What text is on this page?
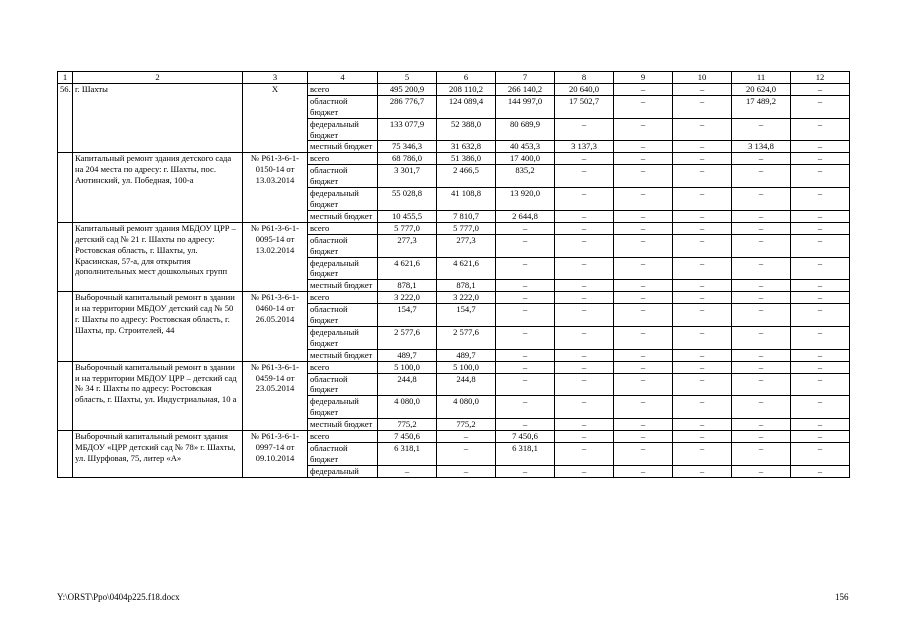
1	2	3	4	5	6	7	8	9	10	11	12
56.	г. Шахты	Х	всего	495 200,9	208 110,2	266 140,2	20 640,0	–	–	20 624,0	–
			областной бюджет	286 776,7	124 089,4	144 997,0	17 502,7	–	–	17 489,2	–
			федеральный бюджет	133 077,9	52 388,0	80 689,9	–	–	–	–	–
			местный бюджет	75 346,3	31 632,8	40 453,3	3 137,3	–	–	3 134,8	–
	Капитальный ремонт здания детского сада на 204 места по адресу: г. Шахты, пос. Аютинский, ул. Победная, 100-а	№ Р61-3-6-1-0150-14 от 13.03.2014	всего	68 786,0	51 386,0	17 400,0	–	–	–	–	–
			областной бюджет	3 301,7	2 466,5	835,2	–	–	–	–	–
			федеральный бюджет	55 028,8	41 108,8	13 920,0	–	–	–	–	–
			местный бюджет	10 455,5	7 810,7	2 644,8	–	–	–	–	–
	Капитальный ремонт здания МБДОУ ЦРР – детский сад № 21 г. Шахты по адресу: Ростовская область, г. Шахты, ул. Красинская, 57-а, для открытия дополнительных мест дошкольных групп	№ Р61-3-6-1-0095-14 от 13.02.2014	всего	5 777,0	5 777,0	–	–	–	–	–	–
			областной бюджет	277,3	277,3	–	–	–	–	–	–
			федеральный бюджет	4 621,6	4 621,6	–	–	–	–	–	–
			местный бюджет	878,1	878,1	–	–	–	–	–	–
	Выборочный капитальный ремонт в здании и на территории МБДОУ детский сад № 50 г. Шахты по адресу: Ростовская область, г. Шахты, пр. Строителей, 44	№ Р61-3-6-1-0460-14 от 26.05.2014	всего	3 222,0	3 222,0	–	–	–	–	–	–
			областной бюджет	154,7	154,7	–	–	–	–	–	–
			федеральный бюджет	2 577,6	2 577,6	–	–	–	–	–	–
			местный бюджет	489,7	489,7	–	–	–	–	–	–
	Выборочный капитальный ремонт в здании и на территории МБДОУ ЦРР – детский сад № 34 г. Шахты по адресу: Ростовская область, г. Шахты, ул. Индустриальная, 10 а	№ Р61-3-6-1-0459-14 от 23.05.2014	всего	5 100,0	5 100,0	–	–	–	–	–	–
			областной бюджет	244,8	244,8	–	–	–	–	–	–
			федеральный бюджет	4 080,0	4 080,0	–	–	–	–	–	–
			местный бюджет	775,2	775,2	–	–	–	–	–	–
	Выборочный капитальный ремонт здания МБДОУ «ЦРР детский сад № 78» г. Шахты, ул. Шурфовая, 75, литер «А»	№ Р61-3-6-1-0997-14 от 09.10.2014	всего	7 450,6	–	7 450,6	–	–	–	–	–
			областной бюджет	6 318,1	–	6 318,1	–	–	–	–	–
			федеральный	–	–	–	–	–	–	–	–
Y:\ORST\Ppo\0404p225.f18.docx	156
